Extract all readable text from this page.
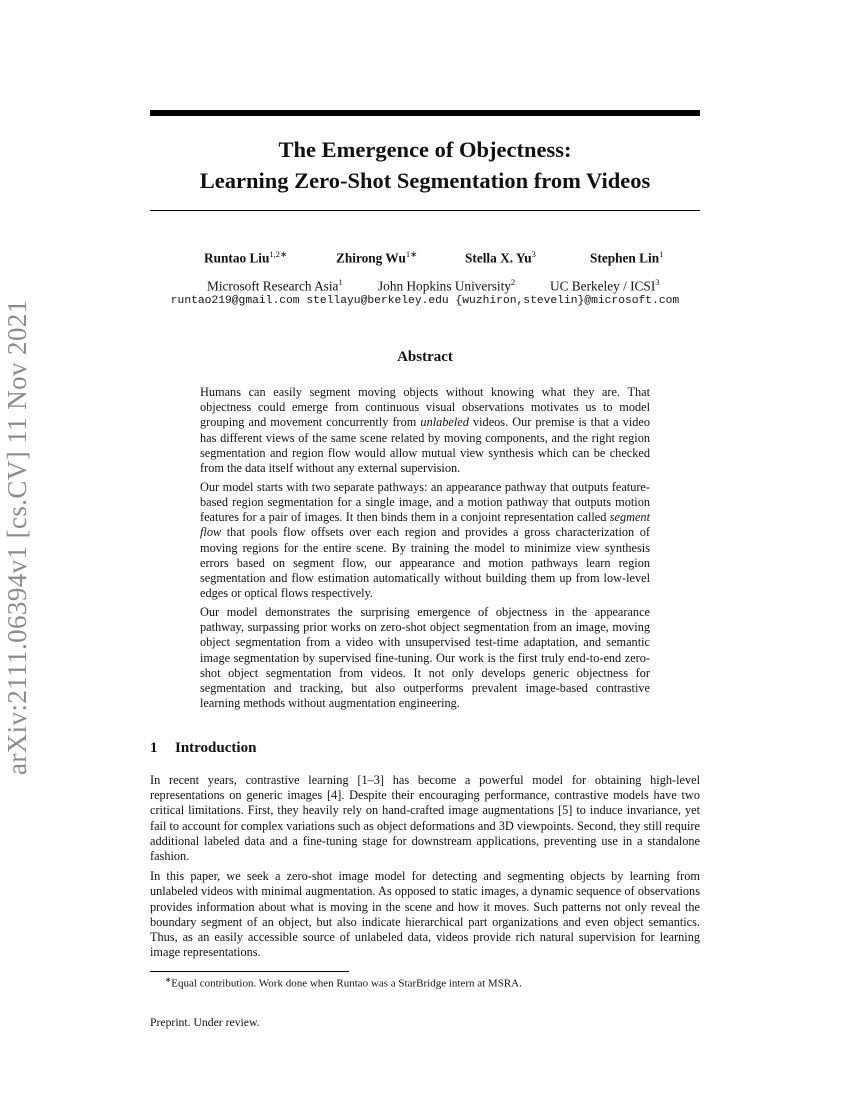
arXiv:2111.06394v1 [cs.CV] 11 Nov 2021
The Emergence of Objectness:
Learning Zero-Shot Segmentation from Videos
Runtao Liu$^{1,2∗}$	Zhirong $Wu^{1∗}$	Stella X. Yu$^3$	Stephen Lin$^1$
Microsoft Research Asia$^1$	John Hopkins University$^2$	UC Berkeley / ICSI$^3$
runtao219@gmail.com stellayu@berkeley.edu {wuzhiron,stevelin}@microsoft.com
Abstract

Humans can easily segment moving objects without knowing what they are. That objectness could emerge from continuous visual observations motivates us to model grouping and movement concurrently from unlabeled videos. Our premise is that a video has different views of the same scene related by moving components, and the right region segmentation and region flow would allow mutual view synthesis which can be checked from the data itself without any external supervision.

Our model starts with two separate pathways: an appearance pathway that outputs feature-based region segmentation for a single image, and a motion pathway that outputs motion features for a pair of images. It then binds them in a conjoint representation called segment flow that pools flow offsets over each region and provides a gross characterization of moving regions for the entire scene. By training the model to minimize view synthesis errors based on segment flow, our appearance and motion pathways learn region segmentation and flow estimation automatically without building them up from low-level edges or optical flows respectively.

Our model demonstrates the surprising emergence of objectness in the appearance pathway, surpassing prior works on zero-shot object segmentation from an image, moving object segmentation from a video with unsupervised test-time adaptation, and semantic image segmentation by supervised fine-tuning. Our work is the first truly end-to-end zero-shot object segmentation from videos. It not only develops generic objectness for segmentation and tracking, but also outperforms prevalent image-based contrastive learning methods without augmentation engineering.

1 Introduction

In recent years, contrastive learning [1–3] has become a powerful model for obtaining high-level representations on generic images [4]. Despite their encouraging performance, contrastive models have two critical limitations. First, they heavily rely on hand-crafted image augmentations [5] to induce invariance, yet fail to account for complex variations such as object deformations and 3D viewpoints. Second, they still require additional labeled data and a fine-tuning stage for downstream applications, preventing use in a standalone fashion.

In this paper, we seek a zero-shot image model for detecting and segmenting objects by learning from unlabeled videos with minimal augmentation. As opposed to static images, a dynamic sequence of observations provides information about what is moving in the scene and how it moves. Such patterns not only reveal the boundary segment of an object, but also indicate hierarchical part organizations and even object semantics. Thus, as an easily accessible source of unlabeled data, videos provide rich natural supervision for learning image representations.

∗Equal contribution. Work done when Runtao was a StarBridge intern at MSRA.
Preprint. Under review.
